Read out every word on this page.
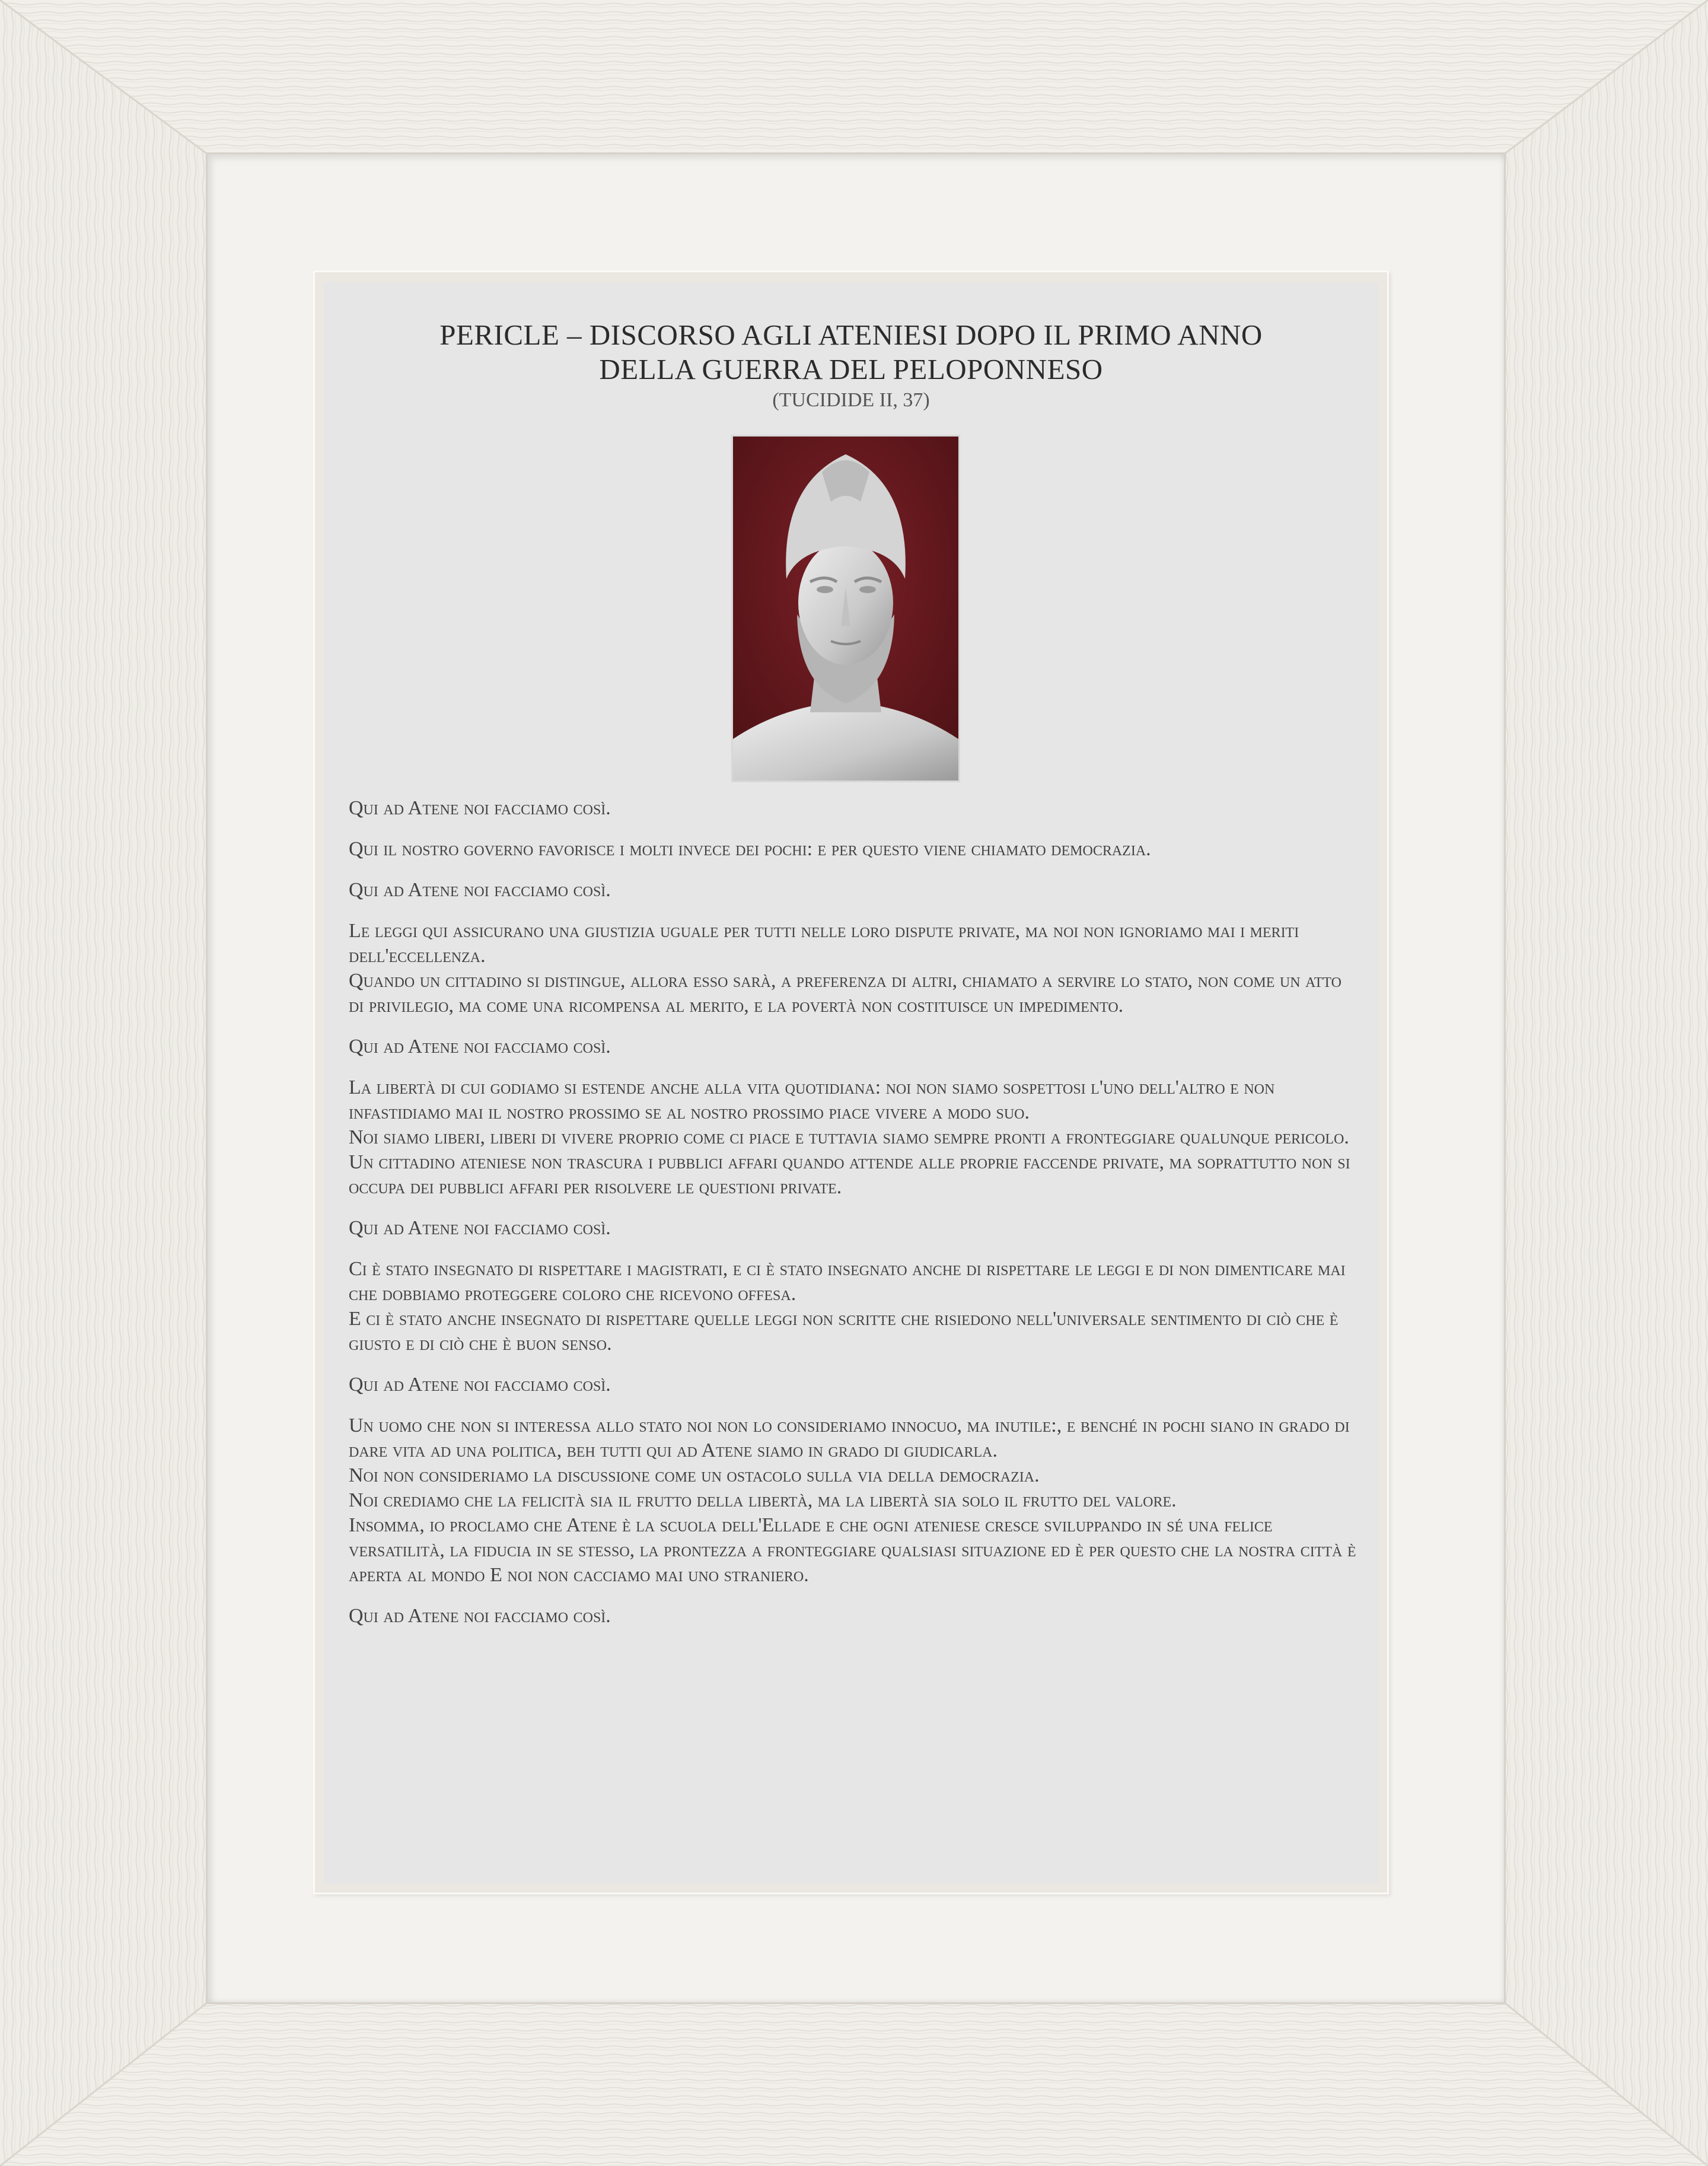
PERICLE – DISCORSO AGLI ATENIESI DOPO IL PRIMO ANNO
DELLA GUERRA DEL PELOPONNESO
(TUCIDIDE II, 37)

Qui ad Atene noi facciamo così.

Qui il nostro governo favorisce i molti invece dei pochi: e per questo viene chiamato democrazia.

Qui ad Atene noi facciamo così.

Le leggi qui assicurano una giustizia uguale per tutti nelle loro dispute private, ma noi non ignoriamo mai i meriti dell'eccellenza.
Quando un cittadino si distingue, allora esso sarà, a preferenza di altri, chiamato a servire lo stato, non come un atto di privilegio, ma come una ricompensa al merito, e la povertà non costituisce un impedimento.

Qui ad Atene noi facciamo così.

La libertà di cui godiamo si estende anche alla vita quotidiana: noi non siamo sospettosi l'uno dell'altro e non infastidiamo mai il nostro prossimo se al nostro prossimo piace vivere a modo suo.
Noi siamo liberi, liberi di vivere proprio come ci piace e tuttavia siamo sempre pronti a fronteggiare qualunque pericolo.
Un cittadino ateniese non trascura i pubblici affari quando attende alle proprie faccende private, ma soprattutto non si occupa dei pubblici affari per risolvere le questioni private.

Qui ad Atene noi facciamo così.

Ci è stato insegnato di rispettare i magistrati, e ci è stato insegnato anche di rispettare le leggi e di non dimenticare mai che dobbiamo proteggere coloro che ricevono offesa.
E ci è stato anche insegnato di rispettare quelle leggi non scritte che risiedono nell'universale sentimento di ciò che è giusto e di ciò che è buon senso.

Qui ad Atene noi facciamo così.

Un uomo che non si interessa allo stato noi non lo consideriamo innocuo, ma inutile:, e benché in pochi siano in grado di dare vita ad una politica, beh tutti qui ad Atene siamo in grado di giudicarla.
Noi non consideriamo la discussione come un ostacolo sulla via della democrazia.
Noi crediamo che la felicità sia il frutto della libertà, ma la libertà sia solo il frutto del valore.
Insomma, io proclamo che Atene è la scuola dell'Ellade e che ogni ateniese cresce sviluppando in sé una felice versatilità, la fiducia in se stesso, la prontezza a fronteggiare qualsiasi situazione ed è per questo che la nostra città è aperta al mondo E noi non cacciamo mai uno straniero.

Qui ad Atene noi facciamo così.
